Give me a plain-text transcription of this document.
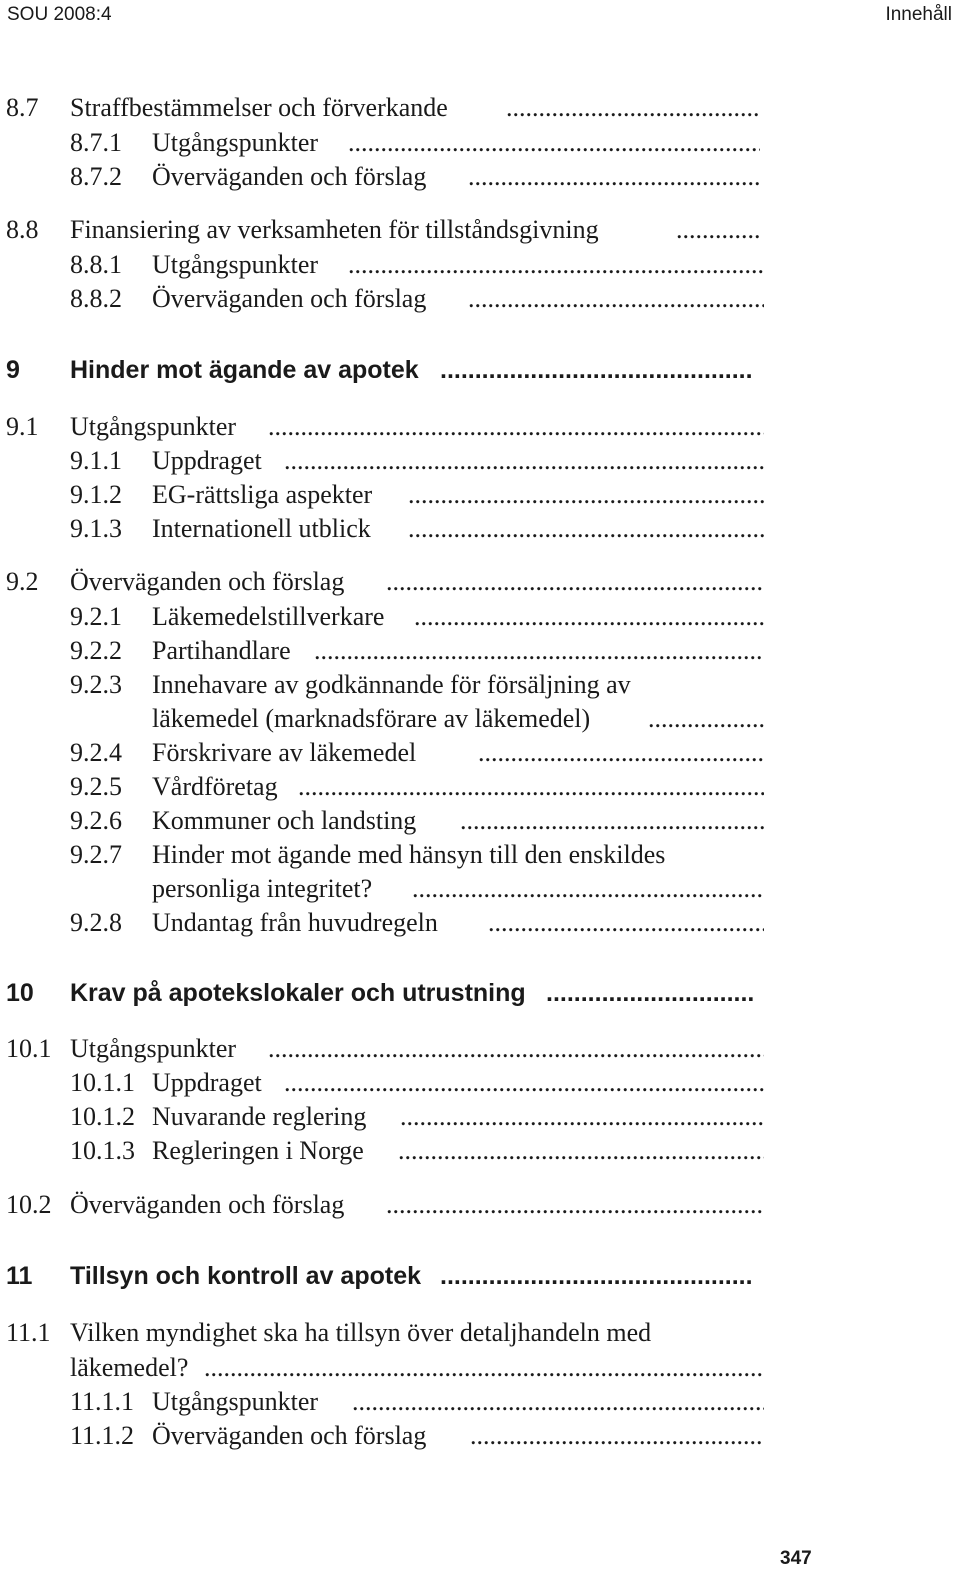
SOU 2008:4	Innehåll
8.7 Straffbestämmelser och förverkande
.....
8.7.1 Utgångspunkter
.....
8.7.2 Överväganden och förslag
.....
8.8 Finansiering av verksamheten för tillståndsgivning
.....
8.8.1 Utgångspunkter
.....
8.8.2 Överväganden och förslag
.....
9 Hinder mot ägande av apotek
.....
9.1 Utgångspunkter
.....
9.1.1 Uppdraget
.....
9.1.2 EG-rättsliga aspekter
.....
9.1.3 Internationell utblick
.....
9.2 Överväganden och förslag
.....
9.2.1 Läkemedelstillverkare
.....
9.2.2 Partihandlare
.....
9.2.3 Innehavare av godkännande för försäljning av
läkemedel (marknadsförare av läkemedel)
.....
9.2.4 Förskrivare av läkemedel
.....
9.2.5 Vårdföretag
.....
9.2.6 Kommuner och landsting
.....
9.2.7 Hinder mot ägande med hänsyn till den enskildes
personliga integritet?
.....
9.2.8 Undantag från huvudregeln
.....
10 Krav på apotekslokaler och utrustning
.....
10.1 Utgångspunkter
.....
10.1.1 Uppdraget
.....
10.1.2 Nuvarande reglering
.....
10.1.3 Regleringen i Norge
.....
10.2 Överväganden och förslag
.....
11 Tillsyn och kontroll av apotek
.....
11.1 Vilken myndighet ska ha tillsyn över detaljhandeln med
läkemedel?
.....
11.1.1 Utgångspunkter
.....
11.1.2 Överväganden och förslag
.....
347
